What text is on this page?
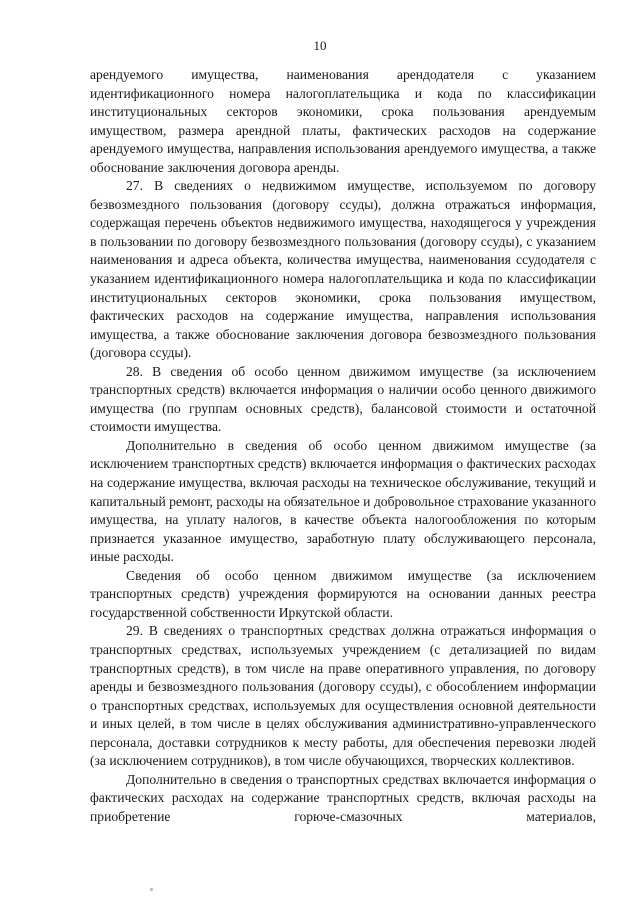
10

арендуемого имущества, наименования арендодателя с указанием идентификационного номера налогоплательщика и кода по классификации институциональных секторов экономики, срока пользования арендуемым имуществом, размера арендной платы, фактических расходов на содержание арендуемого имущества, направления использования арендуемого имущества, а также обоснование заключения договора аренды.

27. В сведениях о недвижимом имуществе, используемом по договору безвозмездного пользования (договору ссуды), должна отражаться информация, содержащая перечень объектов недвижимого имущества, находящегося у учреждения в пользовании по договору безвозмездного пользования (договору ссуды), с указанием наименования и адреса объекта, количества имущества, наименования ссудодателя с указанием идентификационного номера налогоплательщика и кода по классификации институциональных секторов экономики, срока пользования имуществом, фактических расходов на содержание имущества, направления использования имущества, а также обоснование заключения договора безвозмездного пользования (договора ссуды).

28. В сведения об особо ценном движимом имуществе (за исключением транспортных средств) включается информация о наличии особо ценного движимого имущества (по группам основных средств), балансовой стоимости и остаточной стоимости имущества.

Дополнительно в сведения об особо ценном движимом имуществе (за исключением транспортных средств) включается информация о фактических расходах на содержание имущества, включая расходы на техническое обслуживание, текущий и капитальный ремонт, расходы на обязательное и добровольное страхование указанного имущества, на уплату налогов, в качестве объекта налогообложения по которым признается указанное имущество, заработную плату обслуживающего персонала, иные расходы.

Сведения об особо ценном движимом имуществе (за исключением транспортных средств) учреждения формируются на основании данных реестра государственной собственности Иркутской области.

29. В сведениях о транспортных средствах должна отражаться информация о транспортных средствах, используемых учреждением (с детализацией по видам транспортных средств), в том числе на праве оперативного управления, по договору аренды и безвозмездного пользования (договору ссуды), с обособлением информации о транспортных средствах, используемых для осуществления основной деятельности и иных целей, в том числе в целях обслуживания административно-управленческого персонала, доставки сотрудников к месту работы, для обеспечения перевозки людей (за исключением сотрудников), в том числе обучающихся, творческих коллективов.

Дополнительно в сведения о транспортных средствах включается информация о фактических расходах на содержание транспортных средств, включая расходы на приобретение горюче-смазочных материалов,
